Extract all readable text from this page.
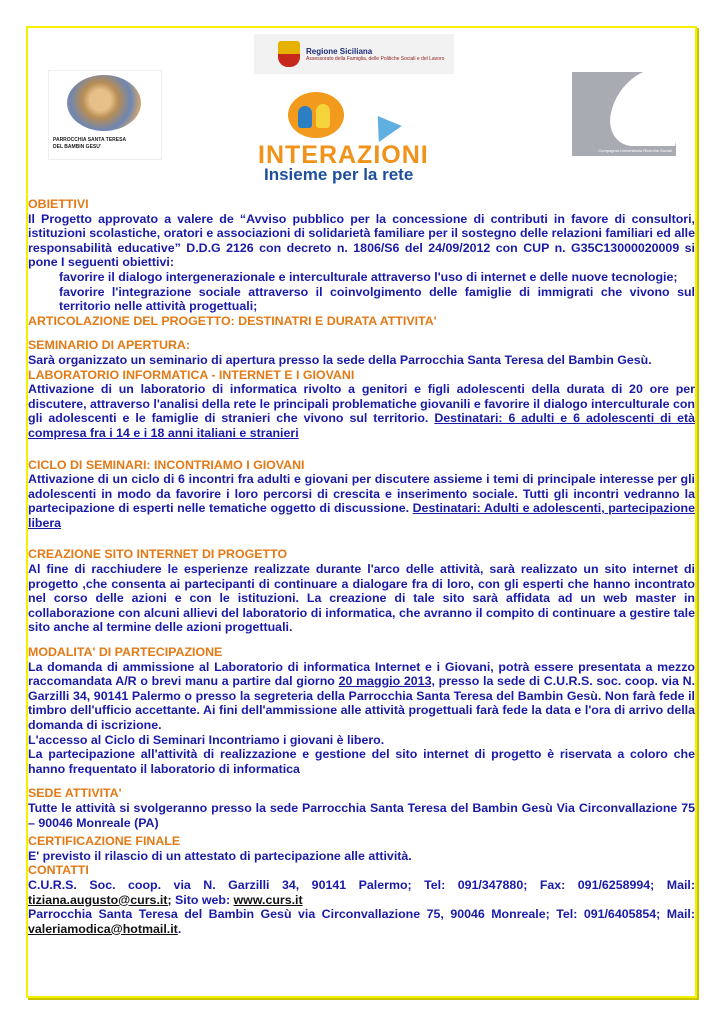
Regione Siciliana
Assessorato della Famiglia, delle Politiche Sociali e del Lavoro
PARROCCHIA SANTA TERESA
DEL BAMBIN GESU'	INTERAZIONI
Insieme per la rete
CURS
Compagnia Universitaria Ricerche Sociali

OBIETTIVI

Il Progetto approvato a valere de “Avviso pubblico per la concessione di contributi in favore di consultori, istituzioni scolastiche, oratori e associazioni di solidarietà familiare per il sostegno delle relazioni familiari ed alle responsabilità educative” D.D.G 2126 con decreto n. 1806/S6 del 24/09/2012 con CUP n. G35C13000020009 si pone I seguenti obiettivi:

favorire il dialogo intergenerazionale e interculturale attraverso l'uso di internet e delle nuove tecnologie;
favorire l'integrazione sociale attraverso il coinvolgimento delle famiglie di immigrati che vivono sul territorio nelle attività progettuali;

ARTICOLAZIONE DEL PROGETTO: DESTINATRI E DURATA ATTIVITA'

SEMINARIO DI APERTURA:

Sarà organizzato un seminario di apertura presso la sede della Parrocchia Santa Teresa del Bambin Gesù.

LABORATORIO INFORMATICA - INTERNET E I GIOVANI

Attivazione di un laboratorio di informatica rivolto a genitori e figli adolescenti della durata di 20 ore per discutere, attraverso l'analisi della rete le principali problematiche giovanili e favorire il dialogo interculturale con gli adolescenti e le famiglie di stranieri che vivono sul territorio. Destinatari: 6 adulti e 6 adolescenti di età compresa fra i 14 e i 18 anni italiani e stranieri

CICLO DI SEMINARI: INCONTRIAMO I GIOVANI

Attivazione di un ciclo di 6 incontri fra adulti e giovani per discutere assieme i temi di principale interesse per gli adolescenti in modo da favorire i loro percorsi di crescita e inserimento sociale. Tutti gli incontri vedranno la partecipazione di esperti nelle tematiche oggetto di discussione. Destinatari: Adulti e adolescenti, partecipazione libera

CREAZIONE SITO INTERNET DI PROGETTO

Al fine di racchiudere le esperienze realizzate durante l'arco delle attività, sarà realizzato un sito internet di progetto ,che consenta ai partecipanti di continuare a dialogare fra di loro, con gli esperti che hanno incontrato nel corso delle azioni e con le istituzioni. La creazione di tale sito sarà affidata ad un web master in collaborazione con alcuni allievi del laboratorio di informatica, che avranno il compito di continuare a gestire tale sito anche al termine delle azioni progettuali.

MODALITA' DI PARTECIPAZIONE

La domanda di ammissione al Laboratorio di informatica Internet e i Giovani, potrà essere presentata a mezzo raccomandata A/R o brevi manu a partire dal giorno 20 maggio 2013, presso la sede di C.U.R.S. soc. coop. via N. Garzilli 34, 90141 Palermo o presso la segreteria della Parrocchia Santa Teresa del Bambin Gesù. Non farà fede il timbro dell'ufficio accettante. Ai fini dell'ammissione alle attività progettuali farà fede la data e l'ora di arrivo della domanda di iscrizione.

L'accesso al Ciclo di Seminari Incontriamo i giovani è libero.

La partecipazione all'attività di realizzazione e gestione del sito internet di progetto è riservata a coloro che hanno frequentato il laboratorio di informatica

SEDE ATTIVITA'

Tutte le attività si svolgeranno presso la sede Parrocchia Santa Teresa del Bambin Gesù Via Circonvallazione 75 – 90046 Monreale (PA)

CERTIFICAZIONE FINALE

E' previsto il rilascio di un attestato di partecipazione alle attività.

CONTATTI

C.U.R.S. Soc. coop. via N. Garzilli 34, 90141 Palermo; Tel: 091/347880; Fax: 091/6258994; Mail: tiziana.augusto@curs.it; Sito web: www.curs.it

Parrocchia Santa Teresa del Bambin Gesù via Circonvallazione 75, 90046 Monreale; Tel: 091/6405854; Mail: valeriamodica@hotmail.it.
